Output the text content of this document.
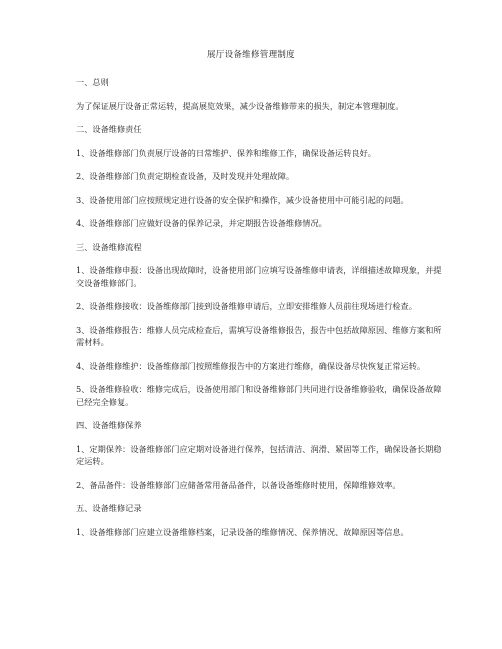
展厅设备维修管理制度
一、总则
为了保证展厅设备正常运转，提高展览效果，减少设备维修带来的损失，制定本管理制度。
二、设备维修责任
1、设备维修部门负责展厅设备的日常维护、保养和维修工作，确保设备运转良好。
2、设备维修部门负责定期检查设备，及时发现并处理故障。
3、设备使用部门应按照规定进行设备的安全保护和操作，减少设备使用中可能引起的问题。
4、设备维修部门应做好设备的保养记录，并定期报告设备维修情况。
三、设备维修流程
1、设备维修申报：设备出现故障时，设备使用部门应填写设备维修申请表，详细描述故障现象，并提交设备维修部门。
2、设备维修接收：设备维修部门接到设备维修申请后，立即安排维修人员前往现场进行检查。
3、设备维修报告：维修人员完成检查后，需填写设备维修报告，报告中包括故障原因、维修方案和所需材料。
4、设备维修维护：设备维修部门按照维修报告中的方案进行维修，确保设备尽快恢复正常运转。
5、设备维修验收：维修完成后，设备使用部门和设备维修部门共同进行设备维修验收，确保设备故障已经完全修复。
四、设备维修保养
1、定期保养：设备维修部门应定期对设备进行保养，包括清洁、润滑、紧固等工作，确保设备长期稳定运转。
2、备品备件：设备维修部门应储备常用备品备件，以备设备维修时使用，保障维修效率。
五、设备维修记录
1、设备维修部门应建立设备维修档案，记录设备的维修情况、保养情况、故障原因等信息。
